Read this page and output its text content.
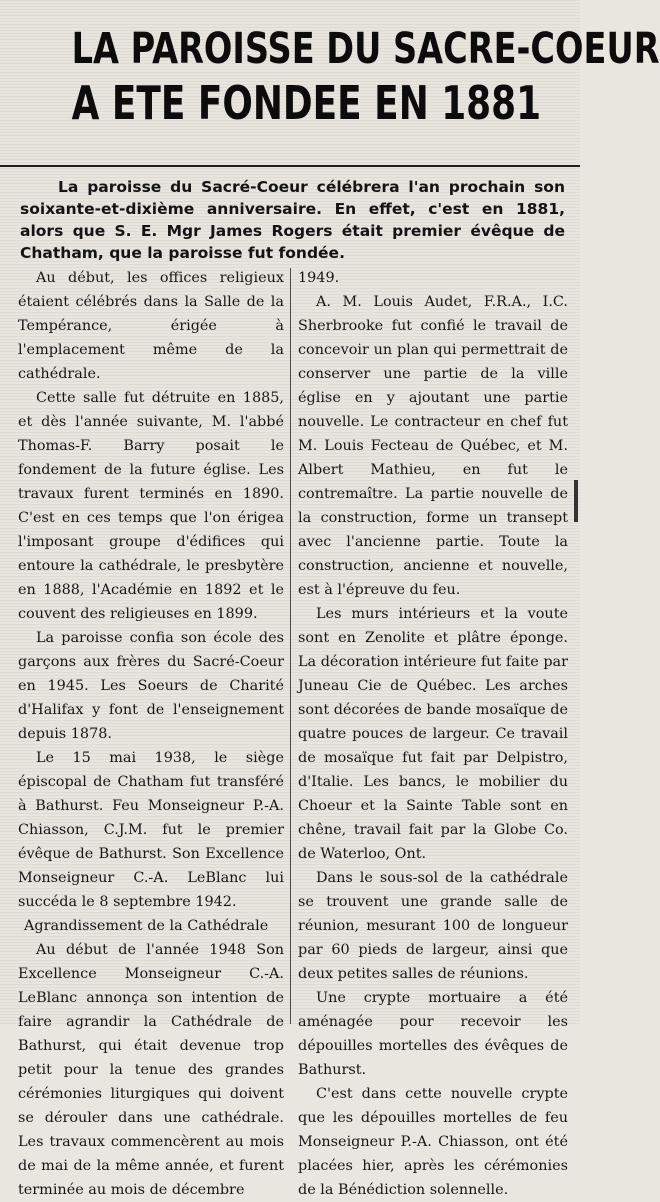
LA PAROISSE DU SACRE-COEUR
A ETE FONDEE EN 1881
La paroisse du Sacré-Coeur célébrera l'an prochain son soixante-et-dixième anniversaire. En effet, c'est en 1881, alors que S. E. Mgr James Rogers était premier évêque de Chatham, que la paroisse fut fondée.

Au début, les offices religieux étaient célébrés dans la Salle de la Tempérance, érigée à l'emplacement même de la cathédrale.

Cette salle fut détruite en 1885, et dès l'année suivante, M. l'abbé Thomas-F. Barry posait le fondement de la future église. Les travaux furent terminés en 1890. C'est en ces temps que l'on érigea l'imposant groupe d'édifices qui entoure la cathédrale, le presbytère en 1888, l'Académie en 1892 et le couvent des religieuses en 1899.

La paroisse confia son école des garçons aux frères du Sacré-Coeur en 1945. Les Soeurs de Charité d'Halifax y font de l'enseignement depuis 1878.

Le 15 mai 1938, le siège épiscopal de Chatham fut transféré à Bathurst. Feu Monseigneur P.-A. Chiasson, C.J.M. fut le premier évêque de Bathurst. Son Excellence Monseigneur C.-A. LeBlanc lui succéda le 8 septembre 1942.

Agrandissement de la Cathédrale

Au début de l'année 1948 Son Excellence Monseigneur C.-A. LeBlanc annonça son intention de faire agrandir la Cathédrale de Bathurst, qui était devenue trop petit pour la tenue des grandes cérémonies liturgiques qui doivent se dérouler dans une cathédrale. Les travaux commencèrent au mois de mai de la même année, et furent terminée au mois de décembre

1949.

A. M. Louis Audet, F.R.A., I.C. Sherbrooke fut confié le travail de concevoir un plan qui permettrait de conserver une partie de la ville église en y ajoutant une partie nouvelle. Le contracteur en chef fut M. Louis Fecteau de Québec, et M. Albert Mathieu, en fut le contremaître. La partie nouvelle de la construction, forme un transept avec l'ancienne partie. Toute la construction, ancienne et nouvelle, est à l'épreuve du feu.

Les murs intérieurs et la voute sont en Zenolite et plâtre éponge. La décoration intérieure fut faite par Juneau Cie de Québec. Les arches sont décorées de bande mosaïque de quatre pouces de largeur. Ce travail de mosaïque fut fait par Delpistro, d'Italie. Les bancs, le mobilier du Choeur et la Sainte Table sont en chêne, travail fait par la Globe Co. de Waterloo, Ont.

Dans le sous-sol de la cathédrale se trouvent une grande salle de réunion, mesurant 100 de longueur par 60 pieds de largeur, ainsi que deux petites salles de réunions.

Une crypte mortuaire a été aménagée pour recevoir les dépouilles mortelles des évêques de Bathurst.

C'est dans cette nouvelle crypte que les dépouilles mortelles de feu Monseigneur P.-A. Chiasson, ont été placées hier, après les cérémonies de la Bénédiction solennelle.
